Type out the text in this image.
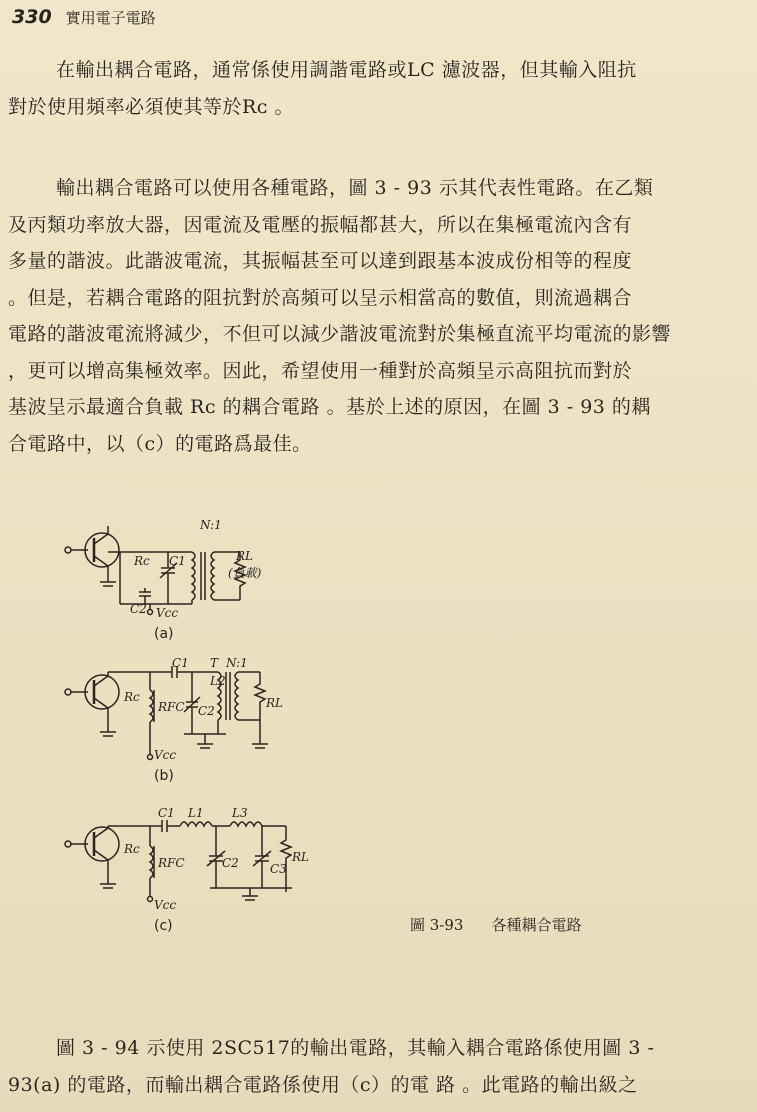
330 實用電子電路

在輸出耦合電路，通常係使用調諧電路或LC 濾波器，但其輸入阻抗
對於使用頻率必須使其等於Rᴄ 。

輸出耦合電路可以使用各種電路，圖 3 - 93 示其代表性電路。在乙類
及丙類功率放大器，因電流及電壓的振幅都甚大，所以在集極電流內含有
多量的諧波。此諧波電流，其振幅甚至可以達到跟基本波成份相等的程度
。但是，若耦合電路的阻抗對於高頻可以呈示相當高的數值，則流過耦合
電路的諧波電流將減少，不但可以減少諧波電流對於集極直流平均電流的影響
，更可以增高集極效率。因此，希望使用一種對於高頻呈示高阻抗而對於
基波呈示最適合負載 Rᴄ 的耦合電路 。基於上述的原因，在圖 3 - 93 的耦
合電路中，以（c）的電路爲最佳。

N:1
Rc C1	RL
(負載)
C2 Vcc
(a)
C1 T N:1
L2
Rc
RFC C2
RL
Vcc
(b)
C1 L1 L3
Rc
RFC	C2	C3
RL
Vcc
(c)	圖 3-93 各種耦合電路

圖 3 - 94 示使用 2SC517的輸出電路，其輸入耦合電路係使用圖 3 -
93(a) 的電路，而輸出耦合電路係使用（c）的電 路 。此電路的輸出級之
